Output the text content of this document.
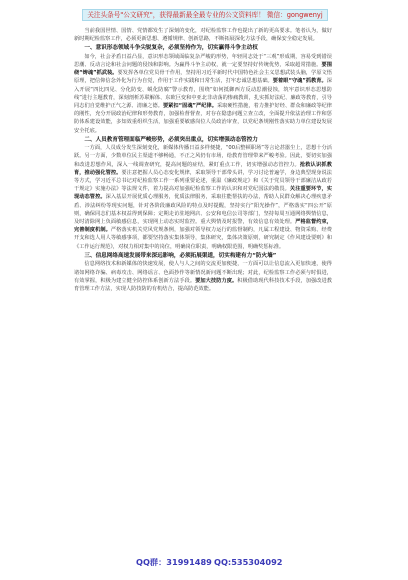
关注头条号"公文研究"，获得最新最全最专业的公文资料库！ 微信：gongwenyj

当前我国世情、国情、党情都发生了深刻的变化，对纪检监察工作也提出了新的更高要求。笔者认为，做好新时期纪检监察工作，必须更新思想、遵循规律、创新思路，不断拓展深化方法手段，确保安全稳定发展。

一、意识形态领域斗争尖锐复杂，必须坚持作为，切实赢得斗争主动权

如今，社会矛盾日益凸显，意识形态领域面临复杂严峻的形势，年轻同志处于“三观”形成期，容易受到错误思潮、反动言论和社会问题的侵蚀和影响。为赢得斗争主动权，就一定要坚持好传统优势，采取超常措施。要围绕“铸魂”抓武装。要发挥各单位党员骨干作用，坚持用习近平新时代中国特色社会主义思想武装头脑，学原文悟原理，把信仰信念外化为行为自觉，作用于工作实践和日常生活，打牢忠诚思想基础。要着眼“守魂”抓教育。深入开展“四比四见、分化防变、蜕化防腐”警示教育，围绕“如何抵御西方反动思潮侵蚀，筑牢意识形态思想防线”进行主题教育，深刻剖析苏联解体、东欧巨变和中亚北非动荡的惨痛教训，扎实抓好法纪、廉政等教育，引导同志们自觉维护正气之源、清廉之德。要紧扣“固魂”严纪律。采取硬性措施，着力推护好经、群众和廉政等纪律的刚性，充分开展政治纪律和形势教育，加强检督督查，对存在隐患问题立查立改，全面提升依法治理工作和惩防体系建设效能，多知效重组织生活，加强重要敏感岗位人员政治审查，以党纪条规刚性落实助力单位建设发展安全托底。

二、人员教育管理面临严峻形势，必须突出重点，切实增强动态管控力

一方面，人员成分发生深刻变化，新媒体传播日益多样便捷，“00后整顿职场”等言论甚嚣尘上，思想十分活跃。另一方面，少数单位民主渠道不够畅通，不正之风仍有市场，给教育管理带来严峻考验。因此，要切实加强和改进思想作风，深入一线调查研究，提高问题的症结，紧盯重点工作，切实增强动态管控力。抢救认识抓教育，推动强化管控。要注意把握人员心态变化规律，采取领导干部带头讲，学习讨论普遍学，身边典型现身说法等方式，学习近平总书记对纪检监察工作一系列重要论述，重温《廉政规定》和《关于党员领导干部廉洁从政若干规定》实施办法》等法规文件，着力提高对加强纪检监察工作的认识和对党纪国法的敬畏。关注重要环节，实现动态管控。深入基层开展优质心理服务，优质法律服务，采取往能帮扶的办法，帮助人民群众解决心理疾患矛盾、涉法纠纷等现实问题，针对各阶段廉政风险的特点及时提醒，坚持实行“阳光操作”，严格落实“四公开”原则，确保同志们基本权益得到保障；定期走访驻地网店、公安和电信公司等部门，坚持每周互通网络舆情信息，及时清除网上负面敏感信息，实现网上动态实时监控。重大舆情及时报警，有效信息有效处理。严格监督约束，完善制度机制。严格落实机关党风党规条例，加强对领导权力运行的监督制约，凡属工程建设、物资采购、经费开支和选人用人等敏感事项，都要坚持落实集体领导，集体研究，集体决策原则，研究制定《作风建设要则》和《工作运行规范》，对权力相对集中的岗位，明确岗位职责，明确权限范围，明确奖惩标准。

三、信息网络高速发展带来深远影响，必须拓展渠道，切实构建有力“防火墙”

信息网络技术和新媒体的快速发展，使人与人之间的交流更加便捷，一方面可以让信息流入更加快速，使得诸如网络诈骗、病毒攻击、网络谣言、色面抄作等新情况新问题不断出现；对此，纪检监察工作必须与时俱进，有效掌握，积极为建立健全防控体系创新方法手段。要加大技防力度。积极借助现代科技技术手段，加强改进教育管理工作方法，实现人防技防的有机结合，提高防范效能。

QQ群：31991489 QQ:535304092
